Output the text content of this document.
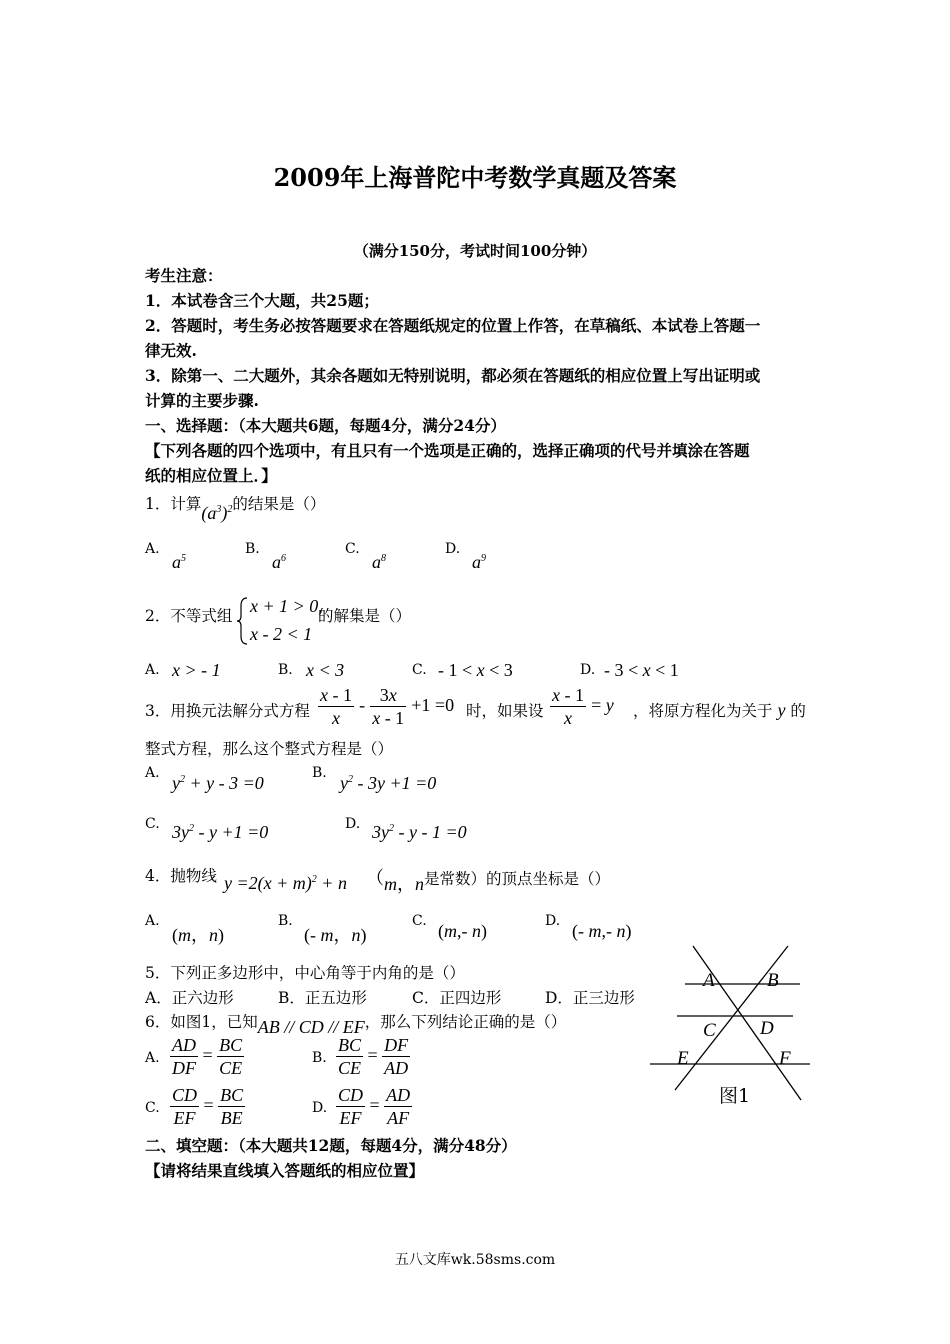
2009年上海普陀中考数学真题及答案
（满分150分，考试时间100分钟）
考生注意：
1．本试卷含三个大题，共25题；
2．答题时，考生务必按答题要求在答题纸规定的位置上作答，在草稿纸、本试卷上答题一
律无效.
3．除第一、二大题外，其余各题如无特别说明，都必须在答题纸的相应位置上写出证明或
计算的主要步骤.
一、选择题：（本大题共6题，每题4分，满分24分）
【下列各题的四个选项中，有且只有一个选项是正确的，选择正确项的代号并填涂在答题
纸的相应位置上．】
1．计算$(a^3)^2$的结果是（）
A.
$a^5$
B.
$a^6$
C.
$a^8$
D.
$a^9$
2．不等式组 x + 1 > 0,
x - 2 < 1
的解集是（）
A. x > - 1	B. x < 3	C. - 1 < x < 3	D. - 3 < x < 1
3．用换元法解分式方程 $\frac{x - 1}{x} - \frac{3x}{x - 1} +1 =0$ 时，如果设 $\frac{x - 1}{x} = y$ ，将原方程化为关于 y 的
整式方程，那么这个整式方程是（）
A. $y^2 + y - 3 =0$	B. $y^2 - 3y +1 =0$
C. $3y^2 - y +1 =0$	D. $3y^2 - y - 1 =0$
4．抛物线 $y =2(x + m)^2 + n$ （m，n是常数）的顶点坐标是（）
A.
(m，n)
B.
(- m，n)
C. (m,- n)	D. (- m,- n)
5．下列正多边形中，中心角等于内角的是（）
A．正六边形	B．正五边形	C．正四边形	D．正三边形
6．如图1，已知AB // CD // EF，那么下列结论正确的是（）
A. $\frac{AD}{DF} = \frac{BC}{CE}$	B. $\frac{BC}{CE} = \frac{DF}{AD}$
C. $\frac{CD}{EF} = \frac{BC}{BE}$	D. $\frac{CD}{EF} = \frac{AD}{AF}$
A	B
C D
E	F
图1
二、填空题：（本大题共12题，每题4分，满分48分）
【请将结果直线填入答题纸的相应位置】
五八文库wk.58sms.com
